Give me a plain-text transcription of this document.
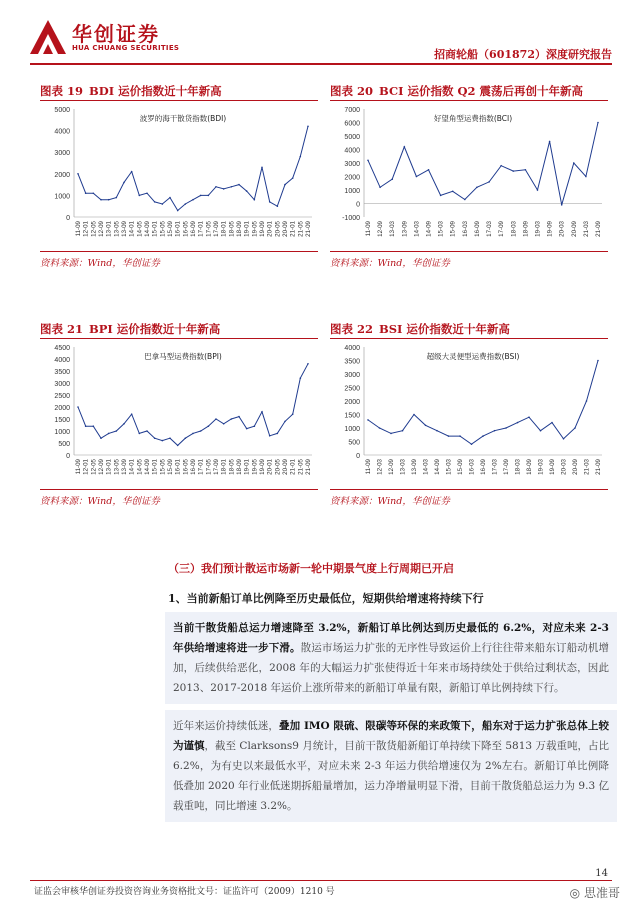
华创证券
HUA CHUANG SECURITIES	招商轮船（601872）深度研究报告
图表 19 BDI 运价指数近十年新高
0
1000
2000
3000
4000
5000
11-09 12-01 12-05 12-09 13-01 13-05 13-09 14-01 14-05 14-09 15-01 15-05 15-09 16-01 16-05 16-09 17-01 17-05 17-09 18-01 18-05 18-09 19-01 19-05 19-09 20-01 20-05 20-09 21-01 21-05 21-09
波罗的海干散货指数(BDI)
资料来源：Wind，华创证券
图表 20 BCI 运价指数 Q2 震荡后再创十年新高
-1000
0
1000
2000
3000
4000
5000
6000
7000
11-09 12-09 13-03 13-09 14-03 14-09 15-03 15-09 16-03 16-09 17-03 17-09 18-03 18-09 19-03 19-09 20-03 20-09 21-03 21-09
好望角型运费指数(BCI)
资料来源：Wind，华创证券
图表 21 BPI 运价指数近十年新高
0
500
1000
1500
2000
2500
3000
3500
4000
4500
11-09 12-01 12-05 12-09 13-01 13-05 13-09 14-01 14-05 14-09 15-01 15-05 15-09 16-01 16-05 16-09 17-01 17-05 17-09 18-01 18-05 18-09 19-01 19-05 19-09 20-01 20-05 20-09 21-01 21-05 21-09
巴拿马型运费指数(BPI)
资料来源：Wind，华创证券
图表 22 BSI 运价指数近十年新高
0
500
1000
1500
2000
2500
3000
3500
4000
11-09 12-03 12-09 13-03 13-09 14-03 14-09 15-03 15-09 16-03 16-09 17-03 17-09 18-03 18-09 19-03 19-09 20-03 20-09 21-03 21-09
超级大灵便型运费指数(BSI)
资料来源：Wind，华创证券
（三）我们预计散运市场新一轮中期景气度上行周期已开启
1、当前新船订单比例降至历史最低位，短期供给增速将持续下行
当前干散货船总运力增速降至 3.2%，新船订单比例达到历史最低的 6.2%，对应未来 2-3 年供给增速将进一步下滑。散运市场运力扩张的无序性导致运价上行往往带来船东订船动机增加，后续供给恶化，2008 年的大幅运力扩张使得近十年来市场持续处于供给过剩状态，因此 2013、2017-2018 年运价上涨所带来的新船订单量有限，新船订单比例持续下行。
近年来运价持续低迷，叠加 IMO 限硫、限碳等环保的来政策下，船东对于运力扩张总体上较为谨慎，截至 Clarksons9 月统计，目前干散货船新船订单持续下降至 5813 万载重吨，占比 6.2%，为有史以来最低水平，对应未来 2-3 年运力供给增速仅为 2%左右。新船订单比例降低叠加 2020 年行业低迷期拆船量增加，运力净增量明显下滑，目前干散货船总运力为 9.3 亿载重吨，同比增速 3.2%。
14
证监会审核华创证券投资咨询业务资格批文号：证监许可（2009）1210 号	◎ 思准哥
